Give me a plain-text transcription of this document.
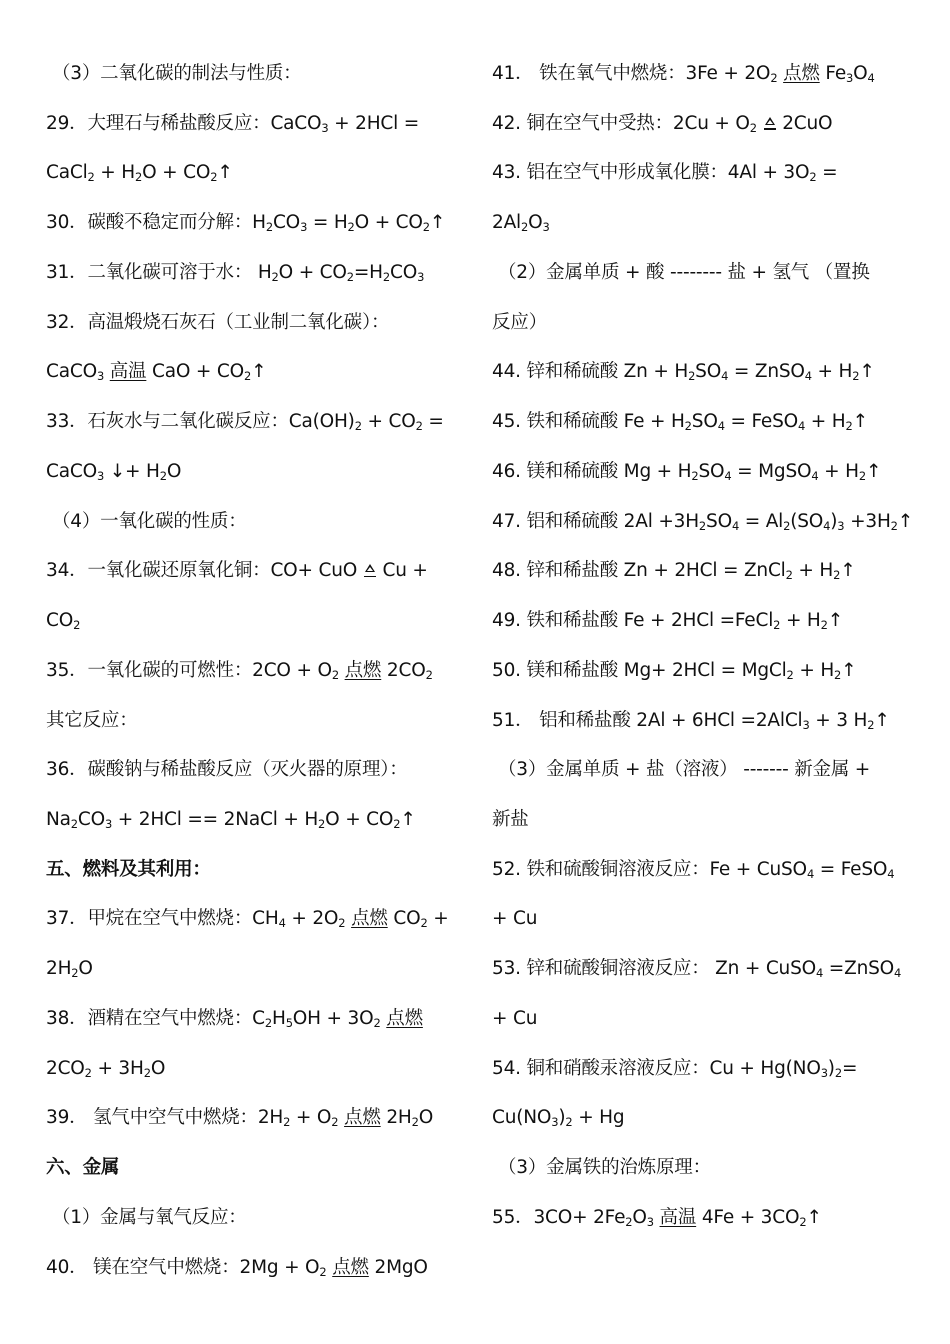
（3）二氧化碳的制法与性质：
29．大理石与稀盐酸反应：CaCO$_3$ + 2HCl =
CaCl$_2$ + $H_2O$ + $CO_2↑$
30．碳酸不稳定而分解：$H_2CO_3 = H_2O$ + $CO_2↑$
31．二氧化碳可溶于水： $H_2O + CO_2=H_2CO_3$
32．高温煅烧石灰石（工业制二氧化碳）：
CaCO$_3$ 高温 CaO + $CO_2↑$
33．石灰水与二氧化碳反应：$Ca(OH)_2 + CO_2$ =
CaCO$_3$ ↓+ $H_2O$
（4）一氧化碳的性质：
34．一氧化碳还原氧化铜：CO+ CuO
Cu +
$CO_2$
35．一氧化碳的可燃性：$2CO + O_2$ 点燃 $2CO_2$
其它反应：
36．碳酸钠与稀盐酸反应（灭火器的原理）：
$Na_2CO_3 + 2HCl$ == 2NaCl + $H_2O$ + $CO_2↑$
五、燃料及其利用：
37．甲烷在空气中燃烧：$CH_4 + 2O_2$ 点燃 $CO_2$ +
$2H_2O$
38．酒精在空气中燃烧：$C_2H_5OH + 3O_2$ 点燃
$2CO_2 + 3H_2O$
39． 氢气中空气中燃烧：$2H_2 + O_2$ 点燃 $2H_2O$
六、金属
（1）金属与氧气反应：
40． 镁在空气中燃烧：$2Mg + O_2$ 点燃 2MgO
41． 铁在氧气中燃烧：$3Fe + 2O_2$ 点燃 $Fe_3O_4$
42. 铜在空气中受热：$2Cu + O_2$
2CuO
43. 铝在空气中形成氧化膜：$4Al + 3O_2$ =
$2Al_2O_3$
（2）金属单质 + 酸 -------- 盐 + 氢气 （置换
反应）
44. 锌和稀硫酸 $Zn + H_2SO_4$ = ZnSO$_4$ + $H_2↑$
45. 铁和稀硫酸 $Fe + H_2SO_4$ = FeSO$_4$ + $H_2↑$
46. 镁和稀硫酸 $Mg + H_2SO_4$ = MgSO$_4$ + $H_2↑$
47. 铝和稀硫酸 $2Al +3H_2SO_4 = Al_2(SO_4)_3$ $+3H_2↑$
48. 锌和稀盐酸 Zn + 2HCl = ZnCl$_2$ + $H_2↑$
49. 铁和稀盐酸 Fe + 2HCl =FeCl$_2$ + $H_2↑$
50. 镁和稀盐酸 Mg+ 2HCl = MgCl$_2$ + $H_2↑$
51． 铝和稀盐酸 2Al + 6HCl =2AlCl$_3$ + 3 $H_2↑$
（3）金属单质 + 盐（溶液） ------- 新金属 +
新盐
52. 铁和硫酸铜溶液反应：Fe + CuSO$_4$ = FeSO$_4$
+ Cu
53. 锌和硫酸铜溶液反应： Zn + CuSO$_4$ =ZnSO$_4$
+ Cu
54. 铜和硝酸汞溶液反应：$Cu + Hg(NO_3)_2=$
$Cu(NO_3)_2 + Hg$
（3）金属铁的治炼原理：
55．$3CO+ 2Fe_2O_3$ 高温 $4Fe + 3CO_2↑$
